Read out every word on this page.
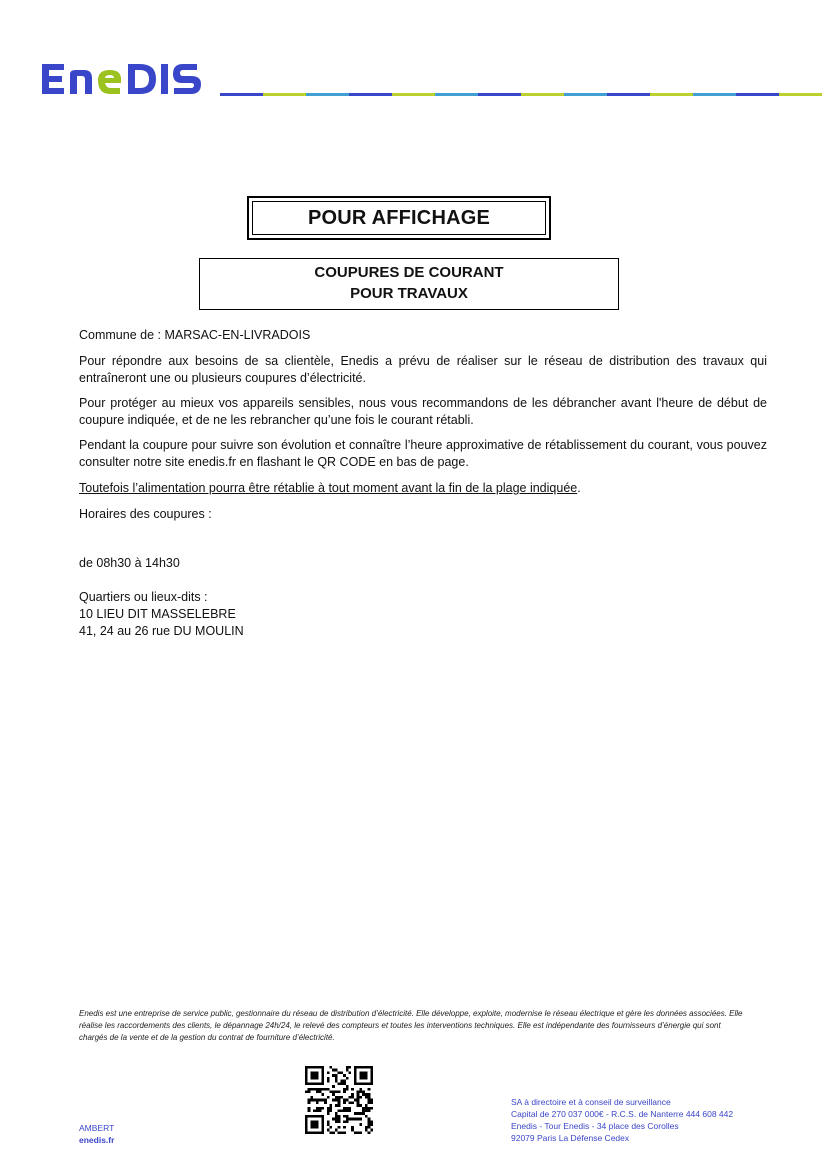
POUR AFFICHAGE
COUPURES DE COURANT
POUR TRAVAUX
Commune de : MARSAC-EN-LIVRADOIS
Pour répondre aux besoins de sa clientèle, Enedis a prévu de réaliser sur le réseau de distribution des travaux qui entraîneront une ou plusieurs coupures d’électricité.
Pour protéger au mieux vos appareils sensibles, nous vous recommandons de les débrancher avant l'heure de début de coupure indiquée, et de ne les rebrancher qu’une fois le courant rétabli.
Pendant la coupure pour suivre son évolution et connaître l’heure approximative de rétablissement du courant, vous pouvez consulter notre site enedis.fr en flashant le QR CODE en bas de page.
Toutefois l’alimentation pourra être rétablie à tout moment avant la fin de la plage indiquée.
Horaires des coupures :
de 08h30 à 14h30
Quartiers ou lieux-dits :
10 LIEU DIT MASSELEBRE
41, 24 au 26 rue DU MOULIN
Enedis est une entreprise de service public, gestionnaire du réseau de distribution d’électricité. Elle développe, exploite, modernise le réseau électrique et gère les données associées. Elle réalise les raccordements des clients, le dépannage 24h/24, le relevé des compteurs et toutes les interventions techniques. Elle est indépendante des fournisseurs d’énergie qui sont chargés de la vente et de la gestion du contrat de fourniture d’électricité.
AMBERT
enedis.fr
SA à directoire et à conseil de surveillance
Capital de 270 037 000€ - R.C.S. de Nanterre 444 608 442
Enedis - Tour Enedis - 34 place des Corolles
92079 Paris La Défense Cedex
